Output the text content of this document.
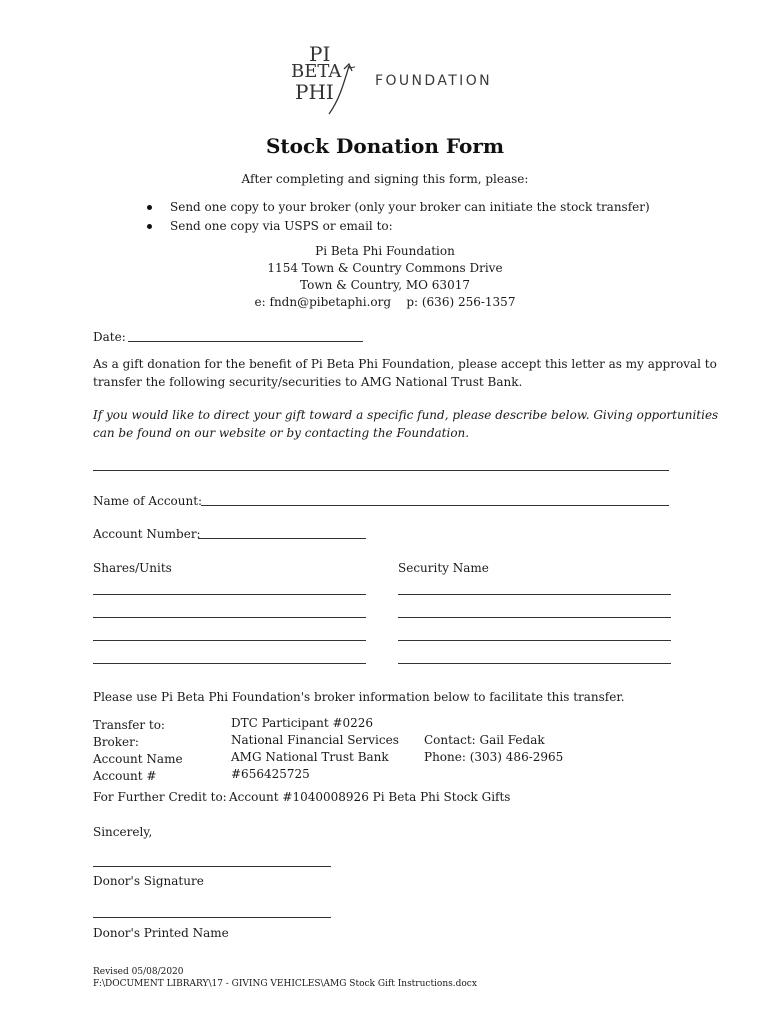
PI
BETA
PHI	FOUNDATION
Stock Donation Form
After completing and signing this form, please:
Send one copy to your broker (only your broker can initiate the stock transfer)
Send one copy via USPS or email to:
Pi Beta Phi Foundation
1154 Town & Country Commons Drive
Town & Country, MO 63017
e: fndn@pibetaphi.org    p: (636) 256-1357
Date:
As a gift donation for the benefit of Pi Beta Phi Foundation, please accept this letter as my approval to
transfer the following security/securities to AMG National Trust Bank.
If you would like to direct your gift toward a specific fund, please describe below. Giving opportunities
can be found on our website or by contacting the Foundation.
Name of Account:
Account Number:
Shares/Units	Security Name
Please use Pi Beta Phi Foundation's broker information below to facilitate this transfer.
Transfer to:
Broker:
Account Name
Account #
DTC Participant #0226
National Financial Services
AMG National Trust Bank
#656425725
Contact: Gail Fedak
Phone: (303) 486-2965
For Further Credit to: Account #1040008926 Pi Beta Phi Stock Gifts
Sincerely,
Donor's Signature
Donor's Printed Name
Revised 05/08/2020
F:\DOCUMENT LIBRARY\17 - GIVING VEHICLES\AMG Stock Gift Instructions.docx
